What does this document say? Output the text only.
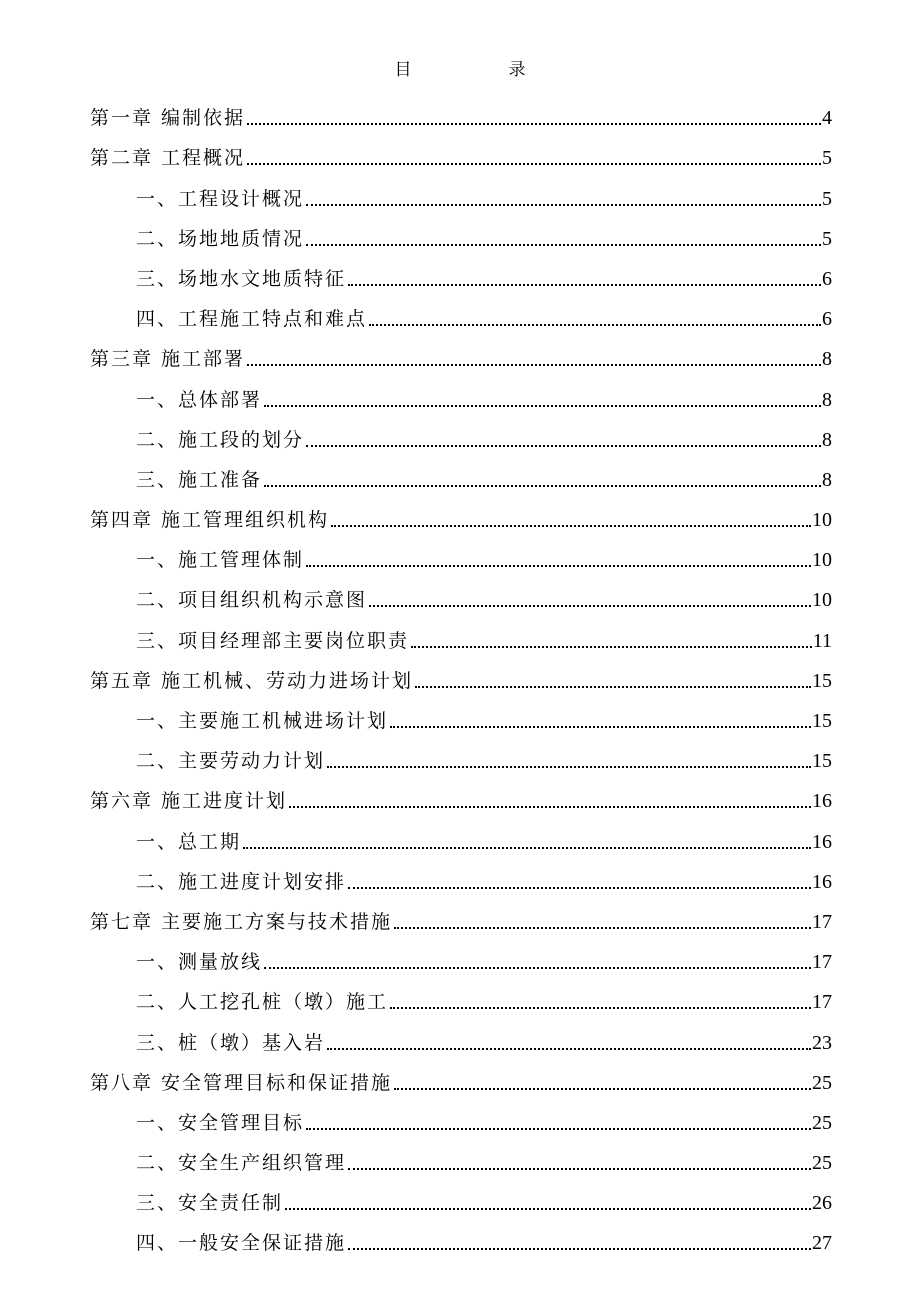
目　录
第一章 编制依据	4
第二章 工程概况	5
一、工程设计概况	5
二、场地地质情况	5
三、场地水文地质特征	6
四、工程施工特点和难点	6
第三章 施工部署	8
一、总体部署	8
二、施工段的划分	8
三、施工准备	8
第四章 施工管理组织机构	10
一、施工管理体制	10
二、项目组织机构示意图	10
三、项目经理部主要岗位职责	11
第五章 施工机械、劳动力进场计划	15
一、主要施工机械进场计划	15
二、主要劳动力计划	15
第六章 施工进度计划	16
一、总工期	16
二、施工进度计划安排	16
第七章 主要施工方案与技术措施	17
一、测量放线	17
二、人工挖孔桩（墩）施工	17
三、桩（墩）基入岩	23
第八章 安全管理目标和保证措施	25
一、安全管理目标	25
二、安全生产组织管理	25
三、安全责任制	26
四、一般安全保证措施	27
